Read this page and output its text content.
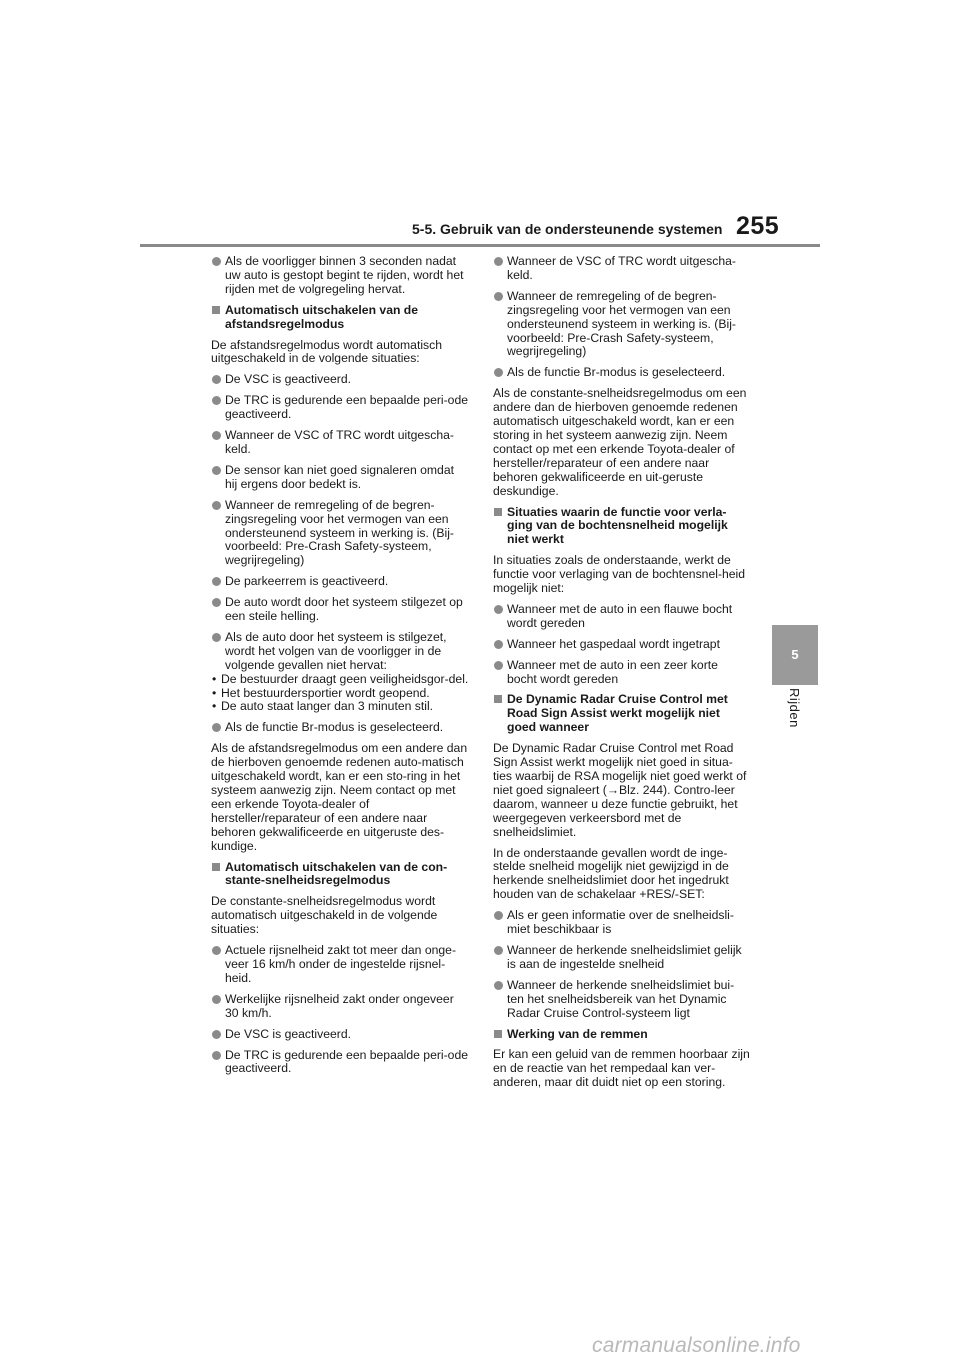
5-5. Gebruik van de ondersteunende systemen 255
5
Rijden
Als de voorligger binnen 3 seconden nadat uw auto is gestopt begint te rijden, wordt het rijden met de volgregeling hervat.
Automatisch uitschakelen van de afstandsregelmodus
De afstandsregelmodus wordt automatisch uitgeschakeld in de volgende situaties:
De VSC is geactiveerd.
De TRC is gedurende een bepaalde peri-ode geactiveerd.
Wanneer de VSC of TRC wordt uitgescha-keld.
De sensor kan niet goed signaleren omdat hij ergens door bedekt is.
Wanneer de remregeling of de begren-zingsregeling voor het vermogen van een ondersteunend systeem in werking is. (Bij-voorbeeld: Pre-Crash Safety-systeem, wegrijregeling)
De parkeerrem is geactiveerd.
De auto wordt door het systeem stilgezet op een steile helling.
Als de auto door het systeem is stilgezet, wordt het volgen van de voorligger in de volgende gevallen niet hervat:
• De bestuurder draagt geen veiligheidsgor-del.
• Het bestuurdersportier wordt geopend.
• De auto staat langer dan 3 minuten stil.
Als de functie Br-modus is geselecteerd.
Als de afstandsregelmodus om een andere dan de hierboven genoemde redenen auto-matisch uitgeschakeld wordt, kan er een sto-ring in het systeem aanwezig zijn. Neem contact op met een erkende Toyota-dealer of hersteller/reparateur of een andere naar behoren gekwalificeerde en uitgeruste des-kundige.
Automatisch uitschakelen van de con-stante-snelheidsregelmodus
De constante-snelheidsregelmodus wordt automatisch uitgeschakeld in de volgende situaties:
Actuele rijsnelheid zakt tot meer dan onge-veer 16 km/h onder de ingestelde rijsnel-heid.
Werkelijke rijsnelheid zakt onder ongeveer 30 km/h.
De VSC is geactiveerd.
De TRC is gedurende een bepaalde peri-ode geactiveerd.
Wanneer de VSC of TRC wordt uitgescha-keld.
Wanneer de remregeling of de begren-zingsregeling voor het vermogen van een ondersteunend systeem in werking is. (Bij-voorbeeld: Pre-Crash Safety-systeem, wegrijregeling)
Als de functie Br-modus is geselecteerd.
Als de constante-snelheidsregelmodus om een andere dan de hierboven genoemde redenen automatisch uitgeschakeld wordt, kan er een storing in het systeem aanwezig zijn. Neem contact op met een erkende Toyota-dealer of hersteller/reparateur of een andere naar behoren gekwalificeerde en uit-geruste deskundige.
Situaties waarin de functie voor verla-ging van de bochtensnelheid mogelijk niet werkt
In situaties zoals de onderstaande, werkt de functie voor verlaging van de bochtensnel-heid mogelijk niet:
Wanneer met de auto in een flauwe bocht wordt gereden
Wanneer het gaspedaal wordt ingetrapt
Wanneer met de auto in een zeer korte bocht wordt gereden
De Dynamic Radar Cruise Control met Road Sign Assist werkt mogelijk niet goed wanneer
De Dynamic Radar Cruise Control met Road Sign Assist werkt mogelijk niet goed in situa-ties waarbij de RSA mogelijk niet goed werkt of niet goed signaleert (→Blz. 244). Contro-leer daarom, wanneer u deze functie gebruikt, het weergegeven verkeersbord met de snelheidslimiet.
In de onderstaande gevallen wordt de inge-stelde snelheid mogelijk niet gewijzigd in de herkende snelheidslimiet door het ingedrukt houden van de schakelaar +RES/-SET:
Als er geen informatie over de snelheidsli-miet beschikbaar is
Wanneer de herkende snelheidslimiet gelijk is aan de ingestelde snelheid
Wanneer de herkende snelheidslimiet bui-ten het snelheidsbereik van het Dynamic Radar Cruise Control-systeem ligt
Werking van de remmen
Er kan een geluid van de remmen hoorbaar zijn en de reactie van het rempedaal kan ver-anderen, maar dit duidt niet op een storing.
carmanualsonline.info
